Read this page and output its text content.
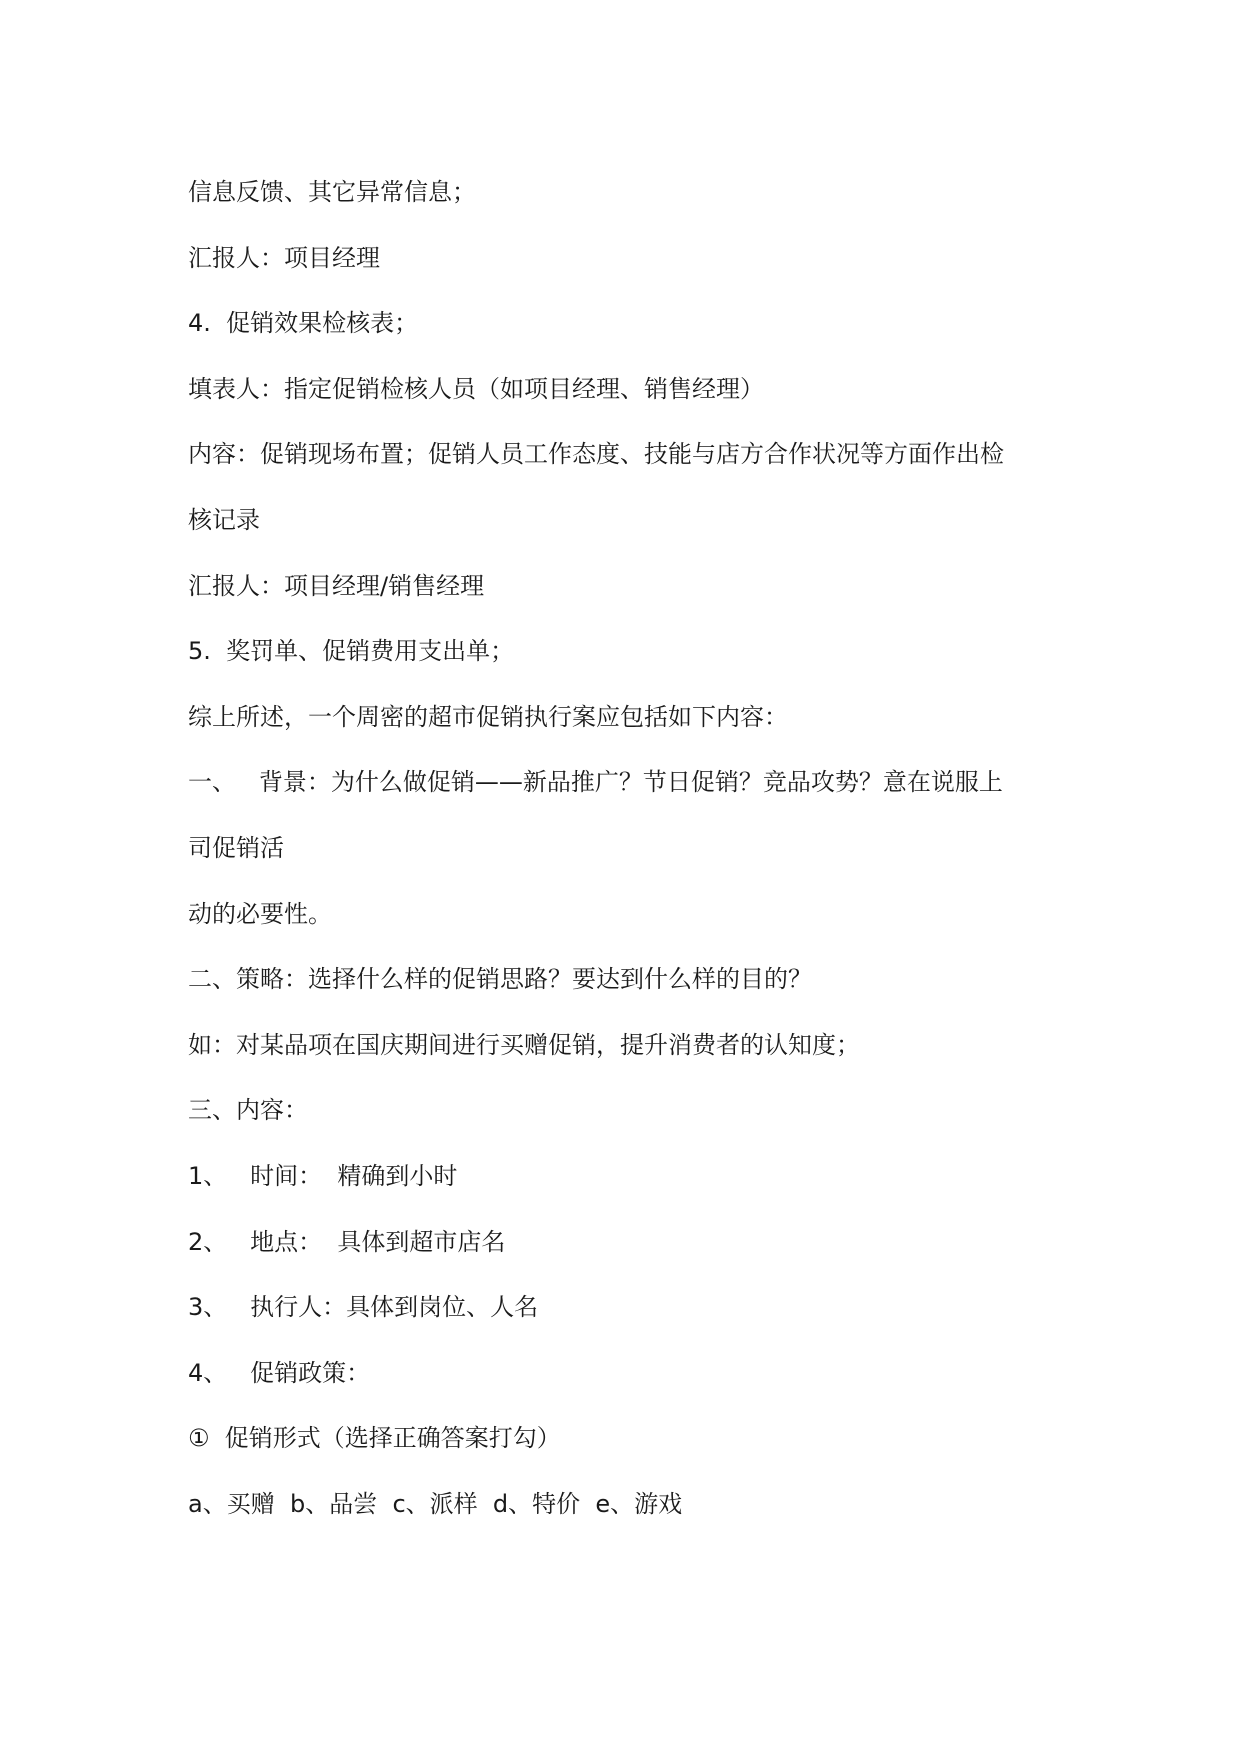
信息反馈、其它异常信息；
汇报人：项目经理
4.  促销效果检核表；
填表人：指定促销检核人员（如项目经理、销售经理）
内容：促销现场布置；促销人员工作态度、技能与店方合作状况等方面作出检
核记录
汇报人：项目经理/销售经理
5.  奖罚单、促销费用支出单；
综上所述，一个周密的超市促销执行案应包括如下内容：
一、   背景：为什么做促销——新品推广？节日促销？竞品攻势？意在说服上
司促销活
动的必要性。
二、策略：选择什么样的促销思路？要达到什么样的目的？
如：对某品项在国庆期间进行买赠促销，提升消费者的认知度；
三、内容：
1、   时间：  精确到小时
2、   地点：  具体到超市店名
3、   执行人：具体到岗位、人名
4、   促销政策：
①  促销形式（选择正确答案打勾）
a、买赠  b、品尝  c、派样  d、特价  e、游戏
